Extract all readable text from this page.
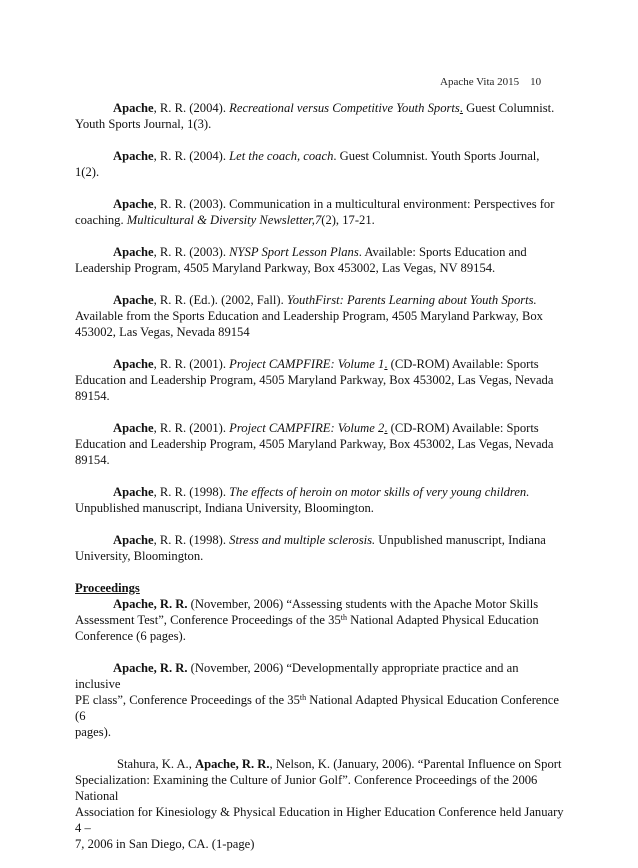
Apache Vita 2015    10
Apache, R. R. (2004). Recreational versus Competitive Youth Sports. Guest Columnist.
Youth Sports Journal, 1(3).
Apache, R. R. (2004). Let the coach, coach. Guest Columnist. Youth Sports Journal, 1(2).
Apache, R. R. (2003). Communication in a multicultural environment: Perspectives for
coaching. Multicultural & Diversity Newsletter,7(2), 17-21.
Apache, R. R. (2003). NYSP Sport Lesson Plans. Available: Sports Education and
Leadership Program, 4505 Maryland Parkway, Box 453002, Las Vegas, NV 89154.
Apache, R. R. (Ed.). (2002, Fall). YouthFirst: Parents Learning about Youth Sports.
Available from the Sports Education and Leadership Program, 4505 Maryland Parkway, Box
453002, Las Vegas, Nevada 89154
Apache, R. R. (2001). Project CAMPFIRE: Volume 1. (CD-ROM) Available: Sports
Education and Leadership Program, 4505 Maryland Parkway, Box 453002, Las Vegas, Nevada
89154.
Apache, R. R. (2001). Project CAMPFIRE: Volume 2. (CD-ROM) Available: Sports
Education and Leadership Program, 4505 Maryland Parkway, Box 453002, Las Vegas, Nevada
89154.
Apache, R. R. (1998). The effects of heroin on motor skills of very young children.
Unpublished manuscript, Indiana University, Bloomington.
Apache, R. R. (1998). Stress and multiple sclerosis. Unpublished manuscript, Indiana
University, Bloomington.
Proceedings
Apache, R. R. (November, 2006) “Assessing students with the Apache Motor Skills
Assessment Test”, Conference Proceedings of the 35th National Adapted Physical Education
Conference (6 pages).
Apache, R. R. (November, 2006) “Developmentally appropriate practice and an inclusive
PE class”, Conference Proceedings of the 35th National Adapted Physical Education Conference (6
pages).
Stahura, K. A., Apache, R. R., Nelson, K. (January, 2006). “Parental Influence on Sport
Specialization: Examining the Culture of Junior Golf”. Conference Proceedings of the 2006 National
Association for Kinesiology & Physical Education in Higher Education Conference held January 4 –
7, 2006 in San Diego, CA. (1-page)
